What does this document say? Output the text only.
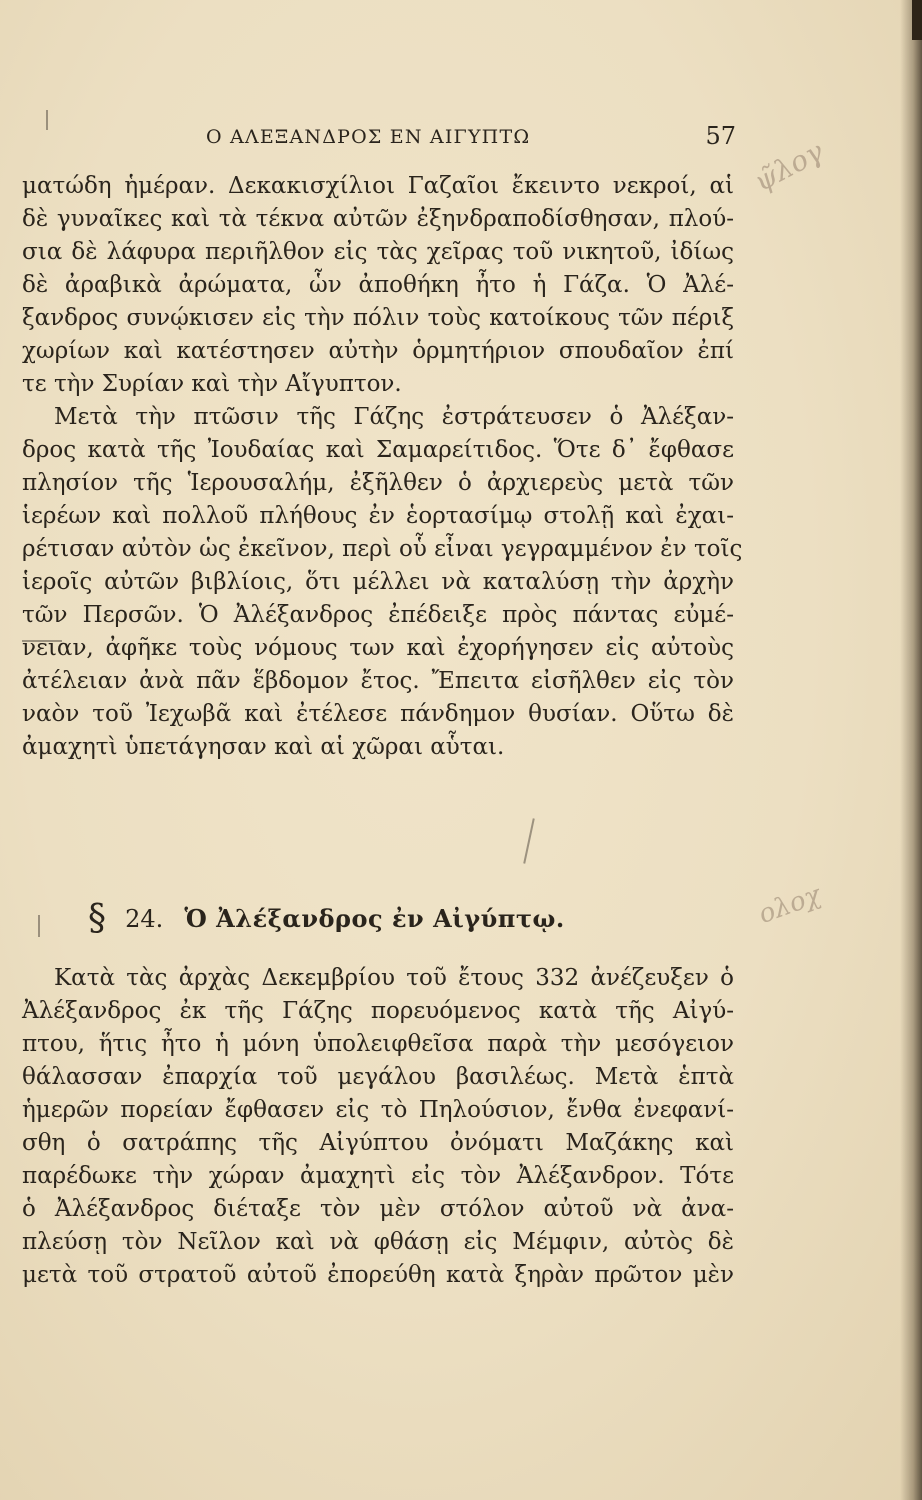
ψ̃λογ
ολοχ
Ο ΑΛΕΞΑΝΔΡΟΣ ΕΝ ΑΙΓΥΠΤΩ	57
ματώδη ἡμέραν. Δεκακισχίλιοι Γαζαῖοι ἔκειντο νεκροί, αἱ
δὲ γυναῖκες καὶ τὰ τέκνα αὐτῶν ἐξηνδραποδίσθησαν, πλού-
σια δὲ λάφυρα περιῆλθον εἰς τὰς χεῖρας τοῦ νικητοῦ, ἰδίως
δὲ ἀραβικὰ ἀρώματα, ὧν ἀποθήκη ἦτο ἡ Γάζα. Ὁ Ἀλέ-
ξανδρος συνῴκισεν εἰς τὴν πόλιν τοὺς κατοίκους τῶν πέριξ
χωρίων καὶ κατέστησεν αὐτὴν ὁρμητήριον σπουδαῖον ἐπί
τε τὴν Συρίαν καὶ τὴν Αἴγυπτον.
Μετὰ τὴν πτῶσιν τῆς Γάζης ἐστράτευσεν ὁ Ἀλέξαν-
δρος κατὰ τῆς Ἰουδαίας καὶ Σαμαρείτιδος. Ὅτε δ᾽ ἔφθασε
πλησίον τῆς Ἱερουσαλήμ, ἐξῆλθεν ὁ ἀρχιερεὺς μετὰ τῶν
ἱερέων καὶ πολλοῦ πλήθους ἐν ἑορτασίμῳ στολῇ καὶ ἐχαι-
ρέτισαν αὐτὸν ὡς ἐκεῖνον, περὶ οὗ εἶναι γεγραμμένον ἐν τοῖς
ἱεροῖς αὐτῶν βιβλίοις, ὅτι μέλλει νὰ καταλύσῃ τὴν ἀρχὴν
τῶν Περσῶν. Ὁ Ἀλέξανδρος ἐπέδειξε πρὸς πάντας εὐμέ-
νειαν, ἀφῆκε τοὺς νόμους των καὶ ἐχορήγησεν εἰς αὐτοὺς
ἀτέλειαν ἀνὰ πᾶν ἕβδομον ἔτος. Ἔπειτα εἰσῆλθεν εἰς τὸν
ναὸν τοῦ Ἰεχωβᾶ καὶ ἐτέλεσε πάνδημον θυσίαν. Οὕτω δὲ
ἀμαχητὶ ὑπετάγησαν καὶ αἱ χῶραι αὗται.
§ 24. Ὁ Ἀλέξανδρος ἐν Αἰγύπτῳ.
Κατὰ τὰς ἀρχὰς Δεκεμβρίου τοῦ ἔτους 332 ἀνέζευξεν ὁ
Ἀλέξανδρος ἐκ τῆς Γάζης πορευόμενος κατὰ τῆς Αἰγύ-
πτου, ἥτις ἦτο ἡ μόνη ὑπολειφθεῖσα παρὰ τὴν μεσόγειον
θάλασσαν ἐπαρχία τοῦ μεγάλου βασιλέως. Μετὰ ἑπτὰ
ἡμερῶν πορείαν ἔφθασεν εἰς τὸ Πηλούσιον, ἔνθα ἐνεφανί-
σθη ὁ σατράπης τῆς Αἰγύπτου ὀνόματι Μαζάκης καὶ
παρέδωκε τὴν χώραν ἀμαχητὶ εἰς τὸν Ἀλέξανδρον. Τότε
ὁ Ἀλέξανδρος διέταξε τὸν μὲν στόλον αὐτοῦ νὰ ἀνα-
πλεύσῃ τὸν Νεῖλον καὶ νὰ φθάσῃ εἰς Μέμφιν, αὐτὸς δὲ
μετὰ τοῦ στρατοῦ αὐτοῦ ἐπορεύθη κατὰ ξηρὰν πρῶτον μὲν
